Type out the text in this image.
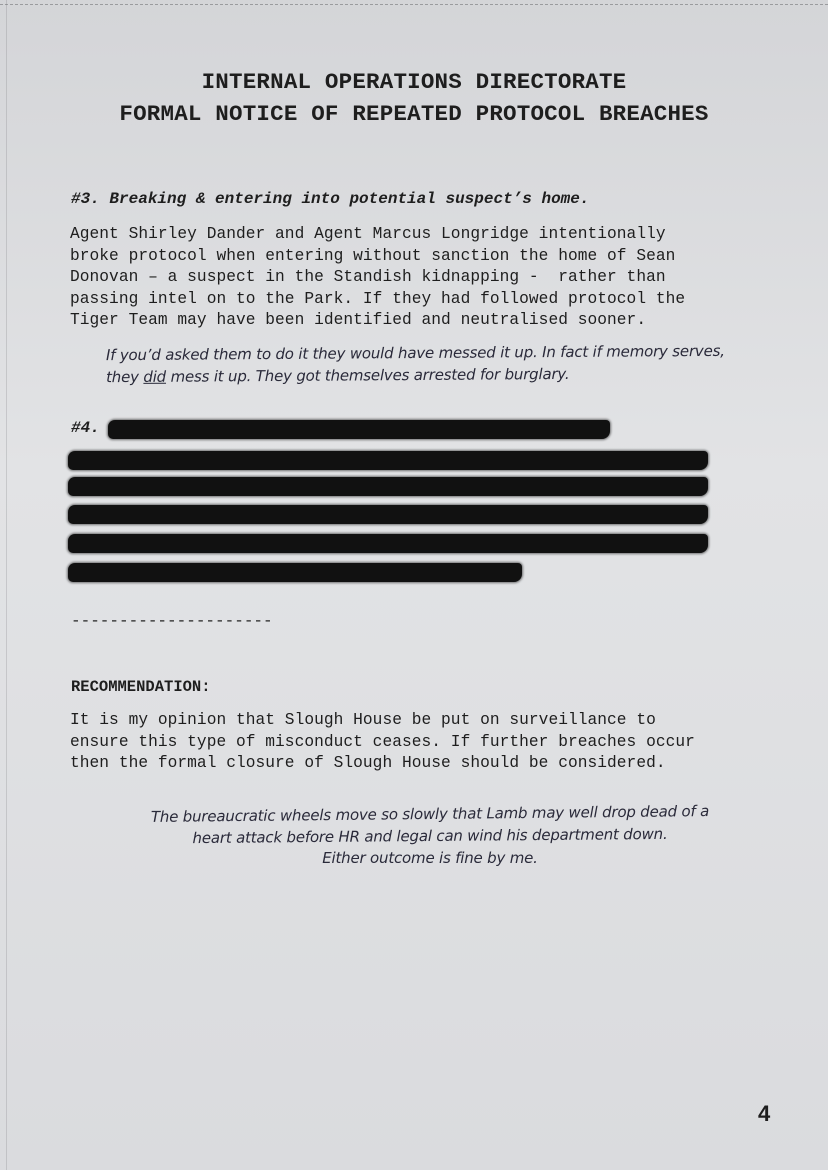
INTERNAL OPERATIONS DIRECTORATE
FORMAL NOTICE OF REPEATED PROTOCOL BREACHES
#3. Breaking & entering into potential suspect’s home.
Agent Shirley Dander and Agent Marcus Longridge intentionally
broke protocol when entering without sanction the home of Sean
Donovan – a suspect in the Standish kidnapping -  rather than
passing intel on to the Park. If they had followed protocol the
Tiger Team may have been identified and neutralised sooner.
If you’d asked them to do it they would have messed it up. In fact if memory serves,
they did mess it up. They got themselves arrested for burglary.
#4.
---------------------
RECOMMENDATION:
It is my opinion that Slough House be put on surveillance to
ensure this type of misconduct ceases. If further breaches occur
then the formal closure of Slough House should be considered.
The bureaucratic wheels move so slowly that Lamb may well drop dead of a
heart attack before HR and legal can wind his department down.
Either outcome is fine by me.
4
